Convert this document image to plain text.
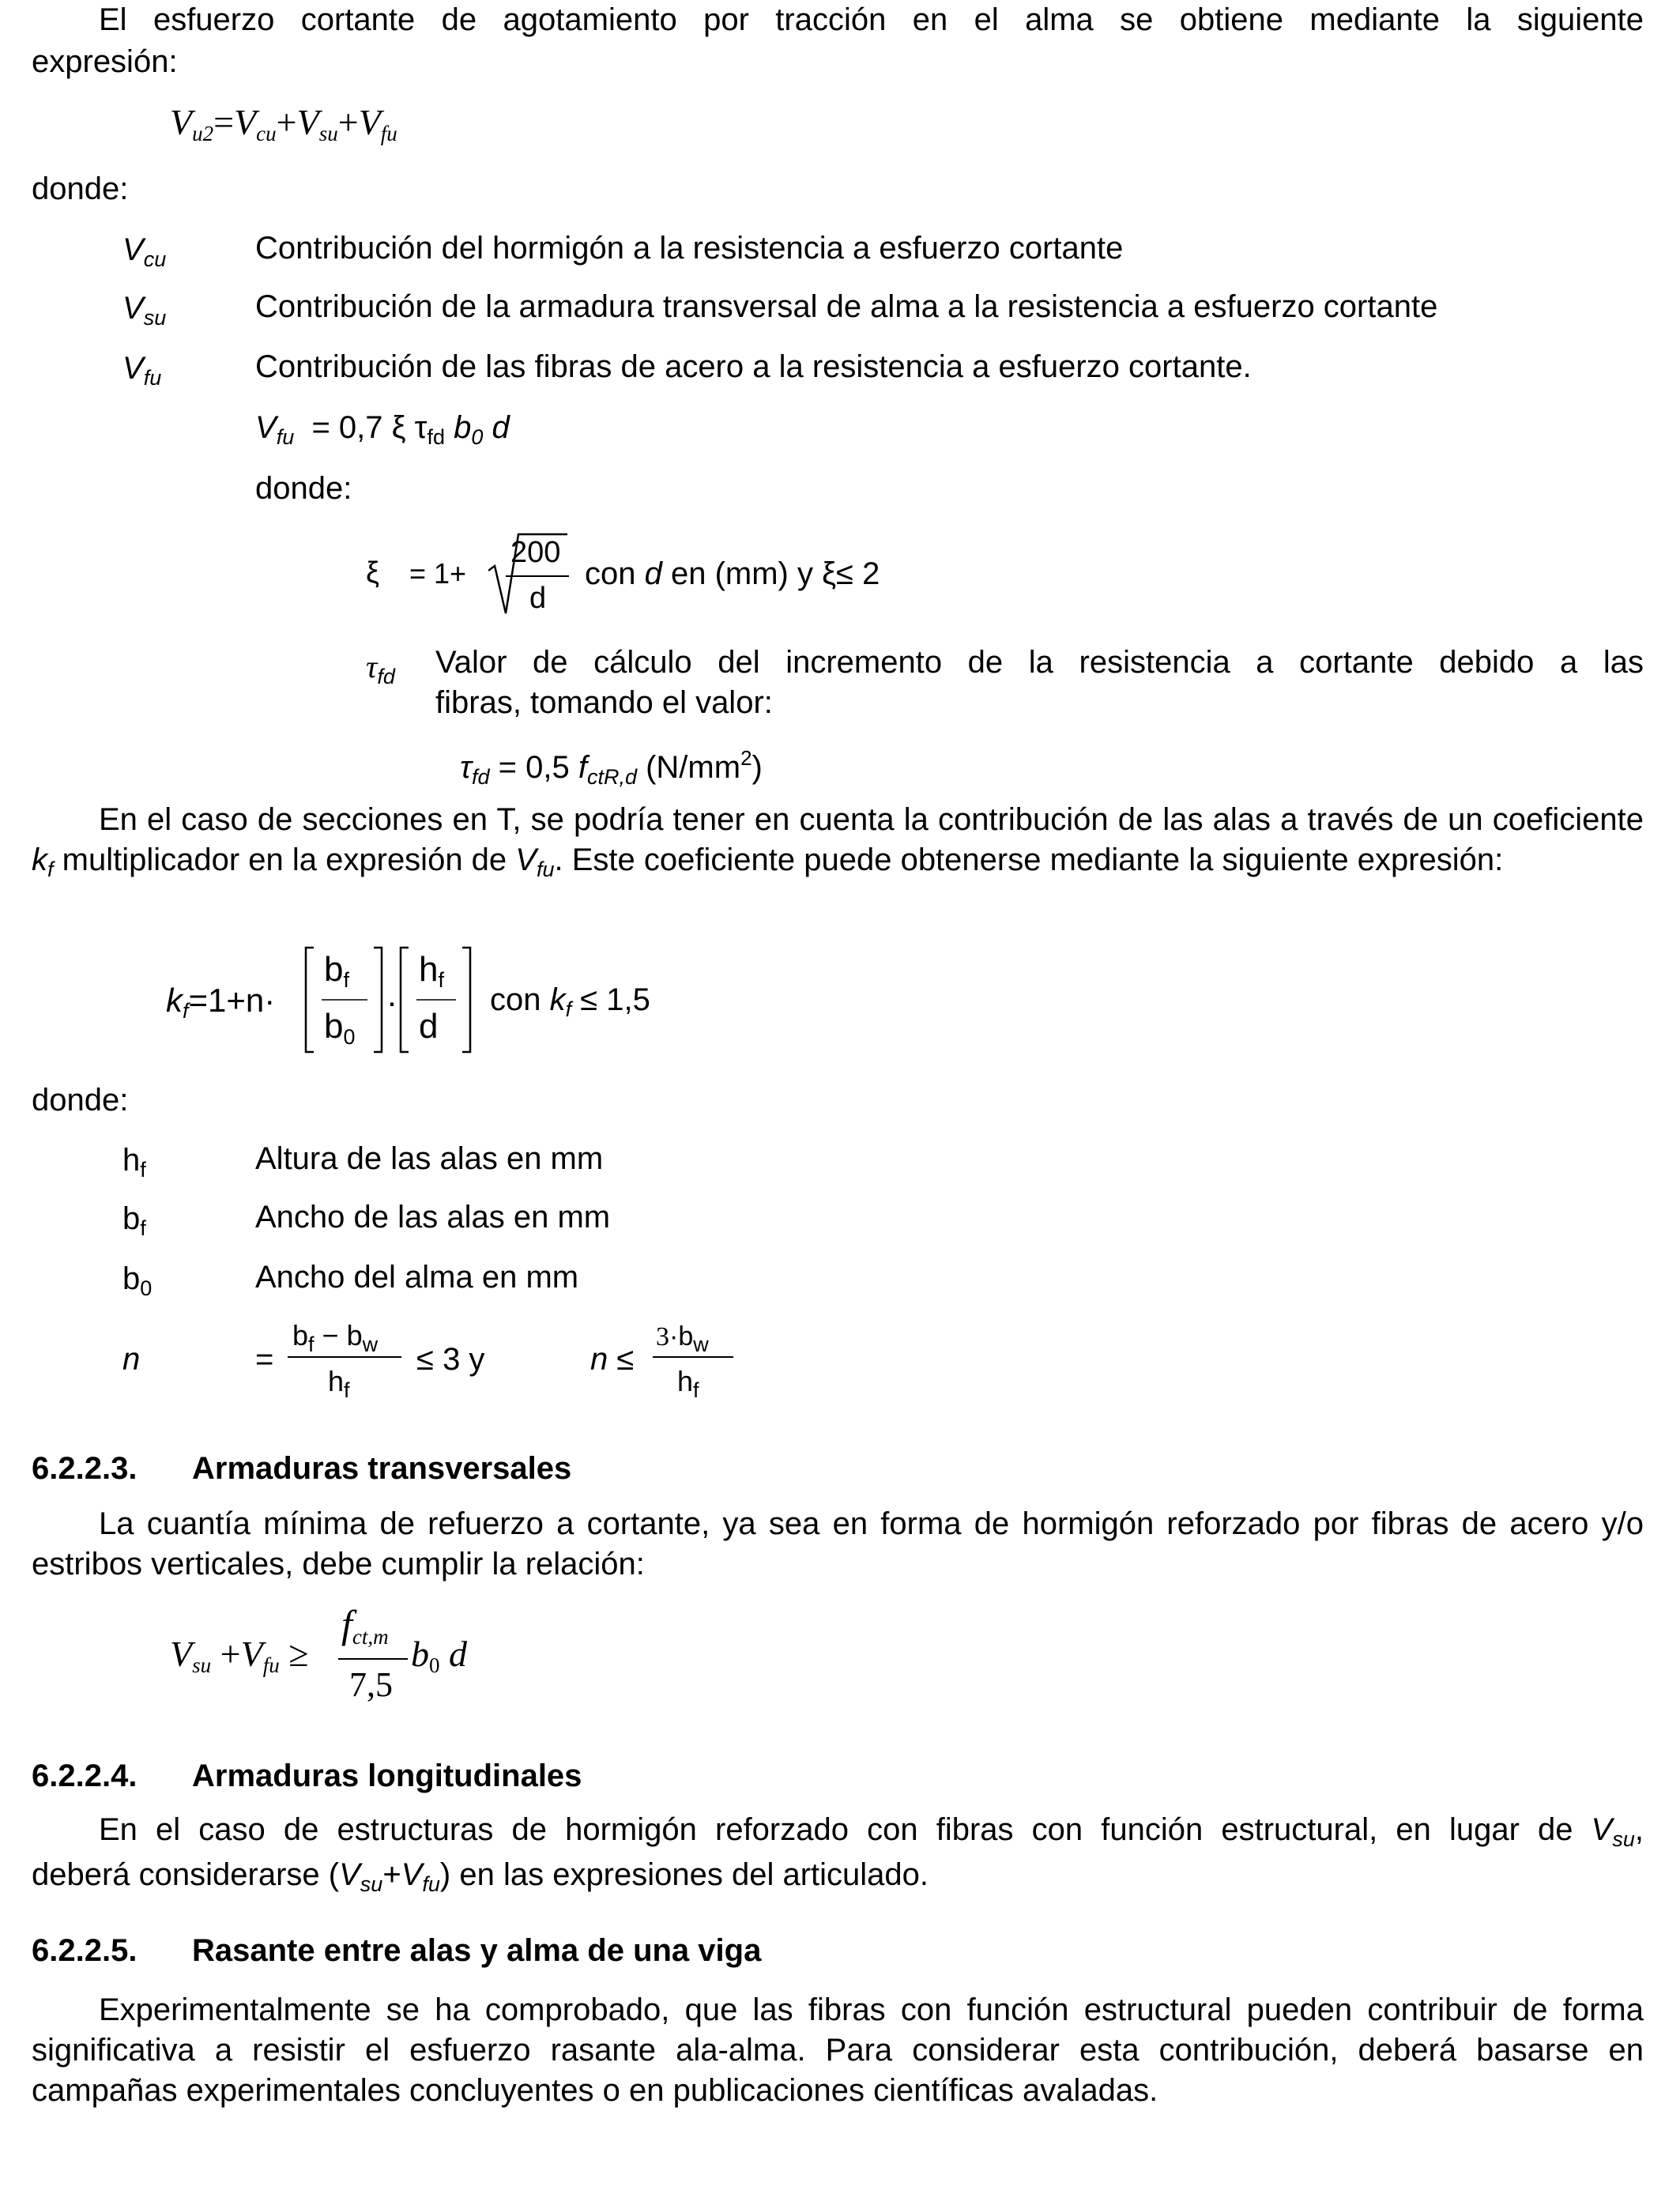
El esfuerzo cortante de agotamiento por tracción en el alma se obtiene mediante la siguiente
expresión:
$V_{u2}=V_{cu}+V_{su}+V_{fu}$
donde:
$V_{cu}$	Contribución del hormigón a la resistencia a esfuerzo cortante
$V_{su}$	Contribución de la armadura transversal de alma a la resistencia a esfuerzo cortante
$V_{fu}$	Contribución de las fibras de acero a la resistencia a esfuerzo cortante.
$V_{fu} = 0,7$ ξ $\tau_{fd}$ $b_0$ d
donde:
ξ = 1+
200
d
con d en (mm) y ξ≤ 2
$\tau_{fd}$ Valor de cálculo del incremento de la resistencia a cortante debido a las
fibras, tomando el valor:
$\tau_{fd} = 0,5$ $f_{ctR,d}$ $(N/mm^2)$
En el caso de secciones en T, se podría tener en cuenta la contribución de las alas a través de un coeficiente $k_f$ multiplicador en la expresión de $V_{fu}$. Este coeficiente puede obtenerse mediante la siguiente expresión:
$k_f=1+n\cdot$
$b_f$
$b_0$
·
$h_f$
d
con $k_f \le 1,5$
donde:
$h_f$	Altura de las alas en mm
$b_f$	Ancho de las alas en mm
$b_0$	Ancho del alma en mm
n	=
$b_f - b_w$
$h_f$
≤ 3 y	n ≤
$3\cdot b_w$
$h_f$
6.2.2.3. Armaduras transversales
La cuantía mínima de refuerzo a cortante, ya sea en forma de hormigón reforzado por fibras de acero y/o estribos verticales, debe cumplir la relación:
$V_{su} +V_{fu}$ ≥
$f_{ct,m}$
7,5
$b_0$ d
6.2.2.4. Armaduras longitudinales
En el caso de estructuras de hormigón reforzado con fibras con función estructural, en lugar de $V_{su}$,
deberá considerarse $(V_{su}+V_{fu})$ en las expresiones del articulado.
6.2.2.5. Rasante entre alas y alma de una viga
Experimentalmente se ha comprobado, que las fibras con función estructural pueden contribuir de forma significativa a resistir el esfuerzo rasante ala-alma. Para considerar esta contribución, deberá basarse en campañas experimentales concluyentes o en publicaciones científicas avaladas.
